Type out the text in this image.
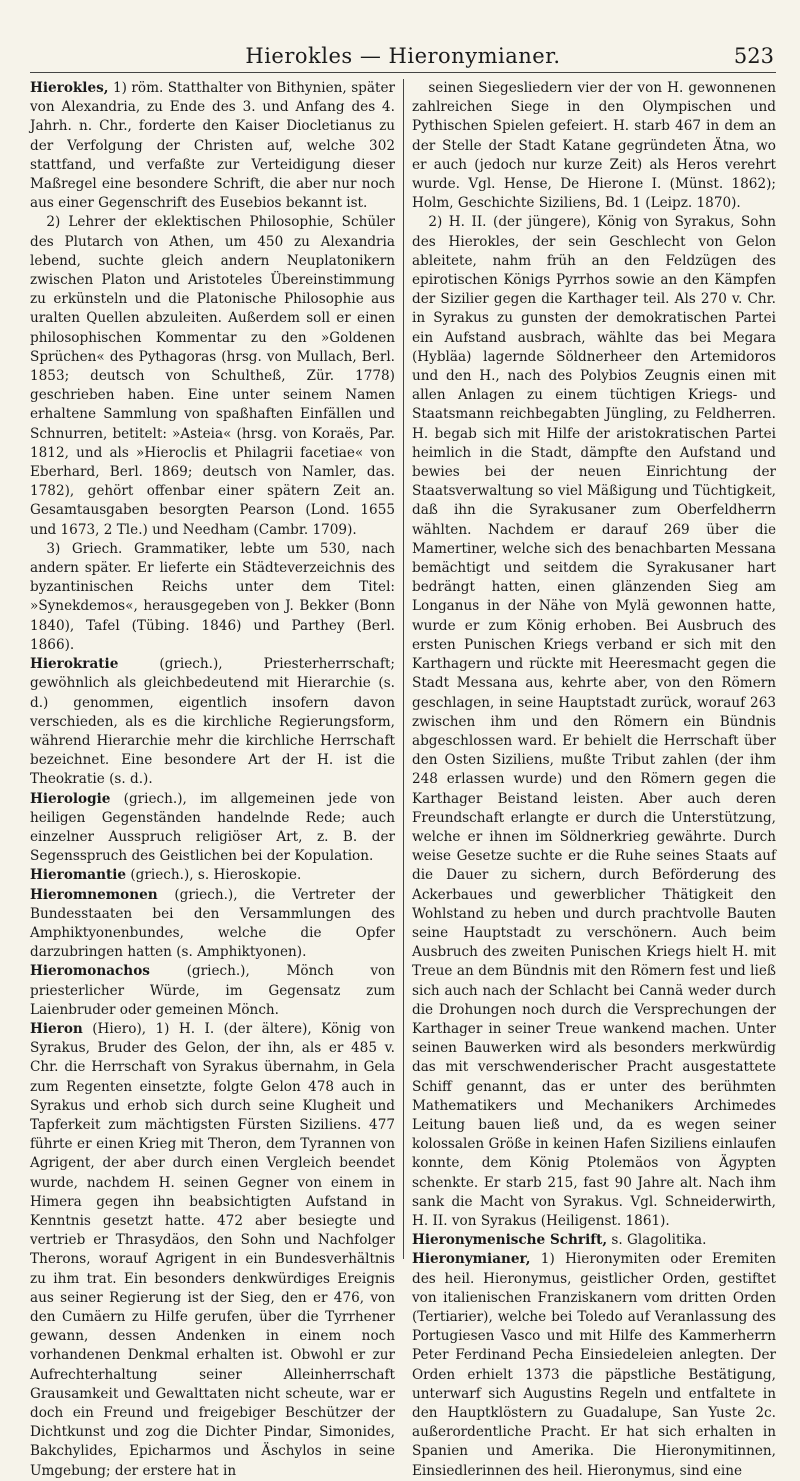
Hierokles — Hieronymianer.	523

Hierokles, 1) röm. Statthalter von Bithynien, später von Alexandria, zu Ende des 3. und Anfang des 4. Jahrh. n. Chr., forderte den Kaiser Diocletianus zu der Verfolgung der Christen auf, welche 302 stattfand, und verfaßte zur Verteidigung dieser Maßregel eine besondere Schrift, die aber nur noch aus einer Gegenschrift des Eusebios bekannt ist.

2) Lehrer der eklektischen Philosophie, Schüler des Plutarch von Athen, um 450 zu Alexandria lebend, suchte gleich andern Neuplatonikern zwischen Platon und Aristoteles Übereinstimmung zu erkünsteln und die Platonische Philosophie aus uralten Quellen abzuleiten. Außerdem soll er einen philosophischen Kommentar zu den »Goldenen Sprüchen« des Pythagoras (hrsg. von Mullach, Berl. 1853; deutsch von Schultheß, Zür. 1778) geschrieben haben. Eine unter seinem Namen erhaltene Sammlung von spaßhaften Einfällen und Schnurren, betitelt: »Asteia« (hrsg. von Koraës, Par. 1812, und als »Hieroclis et Philagrii facetiae« von Eberhard, Berl. 1869; deutsch von Namler, das. 1782), gehört offenbar einer spätern Zeit an. Gesamtausgaben besorgten Pearson (Lond. 1655 und 1673, 2 Tle.) und Needham (Cambr. 1709).

3) Griech. Grammatiker, lebte um 530, nach andern später. Er lieferte ein Städteverzeichnis des byzantinischen Reichs unter dem Titel: »Synekdemos«, herausgegeben von J. Bekker (Bonn 1840), Tafel (Tübing. 1846) und Parthey (Berl. 1866).

Hierokratie (griech.), Priesterherrschaft; gewöhnlich als gleichbedeutend mit Hierarchie (s. d.) genommen, eigentlich insofern davon verschieden, als es die kirchliche Regierungsform, während Hierarchie mehr die kirchliche Herrschaft bezeichnet. Eine besondere Art der H. ist die Theokratie (s. d.).

Hierologie (griech.), im allgemeinen jede von heiligen Gegenständen handelnde Rede; auch einzelner Ausspruch religiöser Art, z. B. der Segensspruch des Geistlichen bei der Kopulation.

Hieromantie (griech.), s. Hieroskopie.

Hieromnemonen (griech.), die Vertreter der Bundesstaaten bei den Versammlungen des Amphiktyonenbundes, welche die Opfer darzubringen hatten (s. Amphiktyonen).

Hieromonachos (griech.), Mönch von priesterlicher Würde, im Gegensatz zum Laienbruder oder gemeinen Mönch.

Hieron (Hiero), 1) H. I. (der ältere), König von Syrakus, Bruder des Gelon, der ihn, als er 485 v. Chr. die Herrschaft von Syrakus übernahm, in Gela zum Regenten einsetzte, folgte Gelon 478 auch in Syrakus und erhob sich durch seine Klugheit und Tapferkeit zum mächtigsten Fürsten Siziliens. 477 führte er einen Krieg mit Theron, dem Tyrannen von Agrigent, der aber durch einen Vergleich beendet wurde, nachdem H. seinen Gegner von einem in Himera gegen ihn beabsichtigten Aufstand in Kenntnis gesetzt hatte. 472 aber besiegte und vertrieb er Thrasydäos, den Sohn und Nachfolger Therons, worauf Agrigent in ein Bundesverhältnis zu ihm trat. Ein besonders denkwürdiges Ereignis aus seiner Regierung ist der Sieg, den er 476, von den Cumäern zu Hilfe gerufen, über die Tyrrhener gewann, dessen Andenken in einem noch vorhandenen Denkmal erhalten ist. Obwohl er zur Aufrechterhaltung seiner Alleinherrschaft Grausamkeit und Gewalttaten nicht scheute, war er doch ein Freund und freigebiger Beschützer der Dichtkunst und zog die Dichter Pindar, Simonides, Bakchylides, Epicharmos und Äschylos in seine Umgebung; der erstere hat in

seinen Siegesliedern vier der von H. gewonnenen zahlreichen Siege in den Olympischen und Pythischen Spielen gefeiert. H. starb 467 in dem an der Stelle der Stadt Katane gegründeten Ätna, wo er auch (jedoch nur kurze Zeit) als Heros verehrt wurde. Vgl. Hense, De Hierone I. (Münst. 1862); Holm, Geschichte Siziliens, Bd. 1 (Leipz. 1870).

2) H. II. (der jüngere), König von Syrakus, Sohn des Hierokles, der sein Geschlecht von Gelon ableitete, nahm früh an den Feldzügen des epirotischen Königs Pyrrhos sowie an den Kämpfen der Sizilier gegen die Karthager teil. Als 270 v. Chr. in Syrakus zu gunsten der demokratischen Partei ein Aufstand ausbrach, wählte das bei Megara (Hybläa) lagernde Söldnerheer den Artemidoros und den H., nach des Polybios Zeugnis einen mit allen Anlagen zu einem tüchtigen Kriegs- und Staatsmann reichbegabten Jüngling, zu Feldherren. H. begab sich mit Hilfe der aristokratischen Partei heimlich in die Stadt, dämpfte den Aufstand und bewies bei der neuen Einrichtung der Staatsverwaltung so viel Mäßigung und Tüchtigkeit, daß ihn die Syrakusaner zum Oberfeldherrn wählten. Nachdem er darauf 269 über die Mamertiner, welche sich des benachbarten Messana bemächtigt und seitdem die Syrakusaner hart bedrängt hatten, einen glänzenden Sieg am Longanus in der Nähe von Mylä gewonnen hatte, wurde er zum König erhoben. Bei Ausbruch des ersten Punischen Kriegs verband er sich mit den Karthagern und rückte mit Heeresmacht gegen die Stadt Messana aus, kehrte aber, von den Römern geschlagen, in seine Hauptstadt zurück, worauf 263 zwischen ihm und den Römern ein Bündnis abgeschlossen ward. Er behielt die Herrschaft über den Osten Siziliens, mußte Tribut zahlen (der ihm 248 erlassen wurde) und den Römern gegen die Karthager Beistand leisten. Aber auch deren Freundschaft erlangte er durch die Unterstützung, welche er ihnen im Söldnerkrieg gewährte. Durch weise Gesetze suchte er die Ruhe seines Staats auf die Dauer zu sichern, durch Beförderung des Ackerbaues und gewerblicher Thätigkeit den Wohlstand zu heben und durch prachtvolle Bauten seine Hauptstadt zu verschönern. Auch beim Ausbruch des zweiten Punischen Kriegs hielt H. mit Treue an dem Bündnis mit den Römern fest und ließ sich auch nach der Schlacht bei Cannä weder durch die Drohungen noch durch die Versprechungen der Karthager in seiner Treue wankend machen. Unter seinen Bauwerken wird als besonders merkwürdig das mit verschwenderischer Pracht ausgestattete Schiff genannt, das er unter des berühmten Mathematikers und Mechanikers Archimedes Leitung bauen ließ und, da es wegen seiner kolossalen Größe in keinen Hafen Siziliens einlaufen konnte, dem König Ptolemäos von Ägypten schenkte. Er starb 215, fast 90 Jahre alt. Nach ihm sank die Macht von Syrakus. Vgl. Schneiderwirth, H. II. von Syrakus (Heiligenst. 1861).

Hieronymenische Schrift, s. Glagolitika.

Hieronymianer, 1) Hieronymiten oder Eremiten des heil. Hieronymus, geistlicher Orden, gestiftet von italienischen Franziskanern vom dritten Orden (Tertiarier), welche bei Toledo auf Veranlassung des Portugiesen Vasco und mit Hilfe des Kammerherrn Peter Ferdinand Pecha Einsiedeleien anlegten. Der Orden erhielt 1373 die päpstliche Bestätigung, unterwarf sich Augustins Regeln und entfaltete in den Hauptklöstern zu Guadalupe, San Yuste 2c. außerordentliche Pracht. Er hat sich erhalten in Spanien und Amerika. Die Hieronymitinnen, Einsiedlerinnen des heil. Hieronymus, sind eine
